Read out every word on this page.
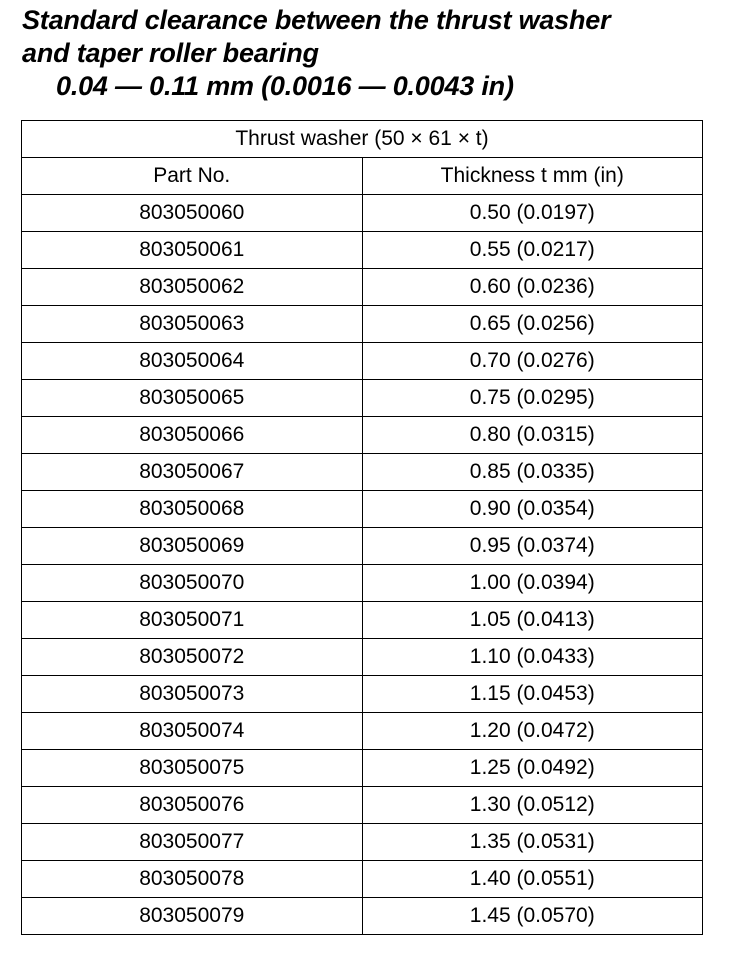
Standard clearance between the thrust washer
and taper roller bearing
0.04 — 0.11 mm (0.0016 — 0.0043 in)
Thrust washer (50 × 61 × t)	
Part No.	Thickness t mm (in)
803050060	0.50 (0.0197)
803050061	0.55 (0.0217)
803050062	0.60 (0.0236)
803050063	0.65 (0.0256)
803050064	0.70 (0.0276)
803050065	0.75 (0.0295)
803050066	0.80 (0.0315)
803050067	0.85 (0.0335)
803050068	0.90 (0.0354)
803050069	0.95 (0.0374)
803050070	1.00 (0.0394)
803050071	1.05 (0.0413)
803050072	1.10 (0.0433)
803050073	1.15 (0.0453)
803050074	1.20 (0.0472)
803050075	1.25 (0.0492)
803050076	1.30 (0.0512)
803050077	1.35 (0.0531)
803050078	1.40 (0.0551)
803050079	1.45 (0.0570)
